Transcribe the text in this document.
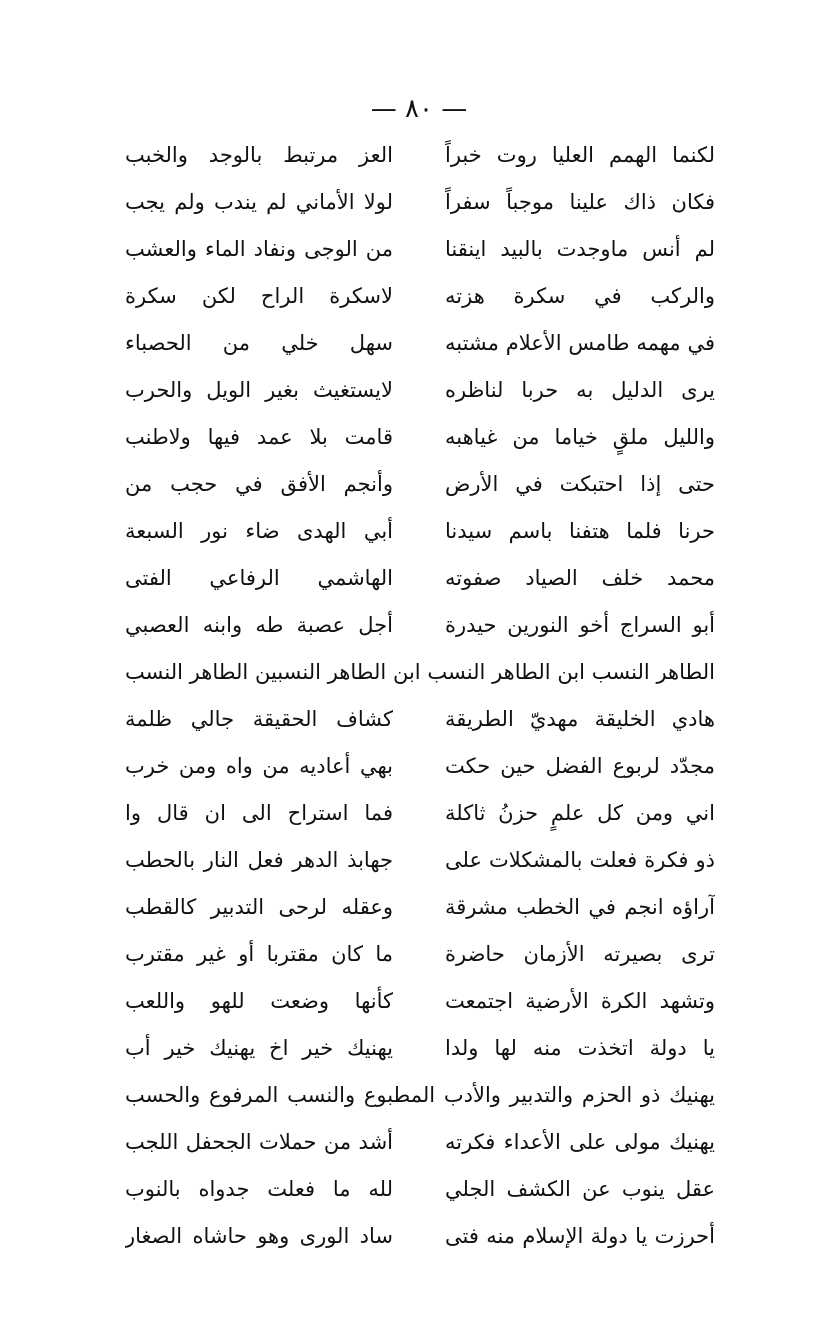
— ٨٠ —
لكنما الهمم العليا روت خبراً
العز مرتبط بالوجد والخبب
فكان ذاك علينا موجباً سفراً
لولا الأماني لم يندب ولم يجب
لم أنس ماوجدت بالبيد اينقنا
من الوجى ونفاد الماء والعشب
والركب في سكرة هزته
لاسكرة الراح لكن سكرة
في مهمه طامس الأعلام مشتبه
سهل خلي من الحصباء
يرى الدليل به حربا لناظره
لايستغيث بغير الويل والحرب
والليل ملقٍ خياما من غياهبه
قامت بلا عمد فيها ولاطنب
حتى إذا احتبكت في الأرض
وأنجم الأفق في حجب من
حرنا فلما هتفنا باسم سيدنا
أبي الهدى ضاء نور السبعة
محمد خلف الصياد صفوته
الهاشمي الرفاعي الفتى
أبو السراج أخو النورين حيدرة
أجل عصبة طه وابنه العصبي
الطاهر النسب ابن الطاهر النسب ابن الطاهر النسبين الطاهر النسب
هادي الخليقة مهديّ الطريقة
كشاف الحقيقة جالي ظلمة
مجدّد لربوع الفضل حين حكت
بهي أعاديه من واه ومن خرب
اني ومن كل علمٍ حزنُ ثاكلة
فما استراح الى ان قال وا
ذو فكرة فعلت بالمشكلات على
جهابذ الدهر فعل النار بالحطب
آراؤه انجم في الخطب مشرقة
وعقله لرحى التدبير كالقطب
ترى بصيرته الأزمان حاضرة
ما كان مقتربا أو غير مقترب
وتشهد الكرة الأرضية اجتمعت
كأنها وضعت للهو واللعب
يا دولة اتخذت منه لها ولدا
يهنيك خير اخ يهنيك خير أب
يهنيك ذو الحزم والتدبير والأدب المطبوع والنسب المرفوع والحسب
يهنيك مولى على الأعداء فكرته
أشد من حملات الجحفل اللجب
عقل ينوب عن الكشف الجلي
لله ما فعلت جدواه بالنوب
أحرزت يا دولة الإسلام منه فتى
ساد الورى وهو حاشاه الصغار
